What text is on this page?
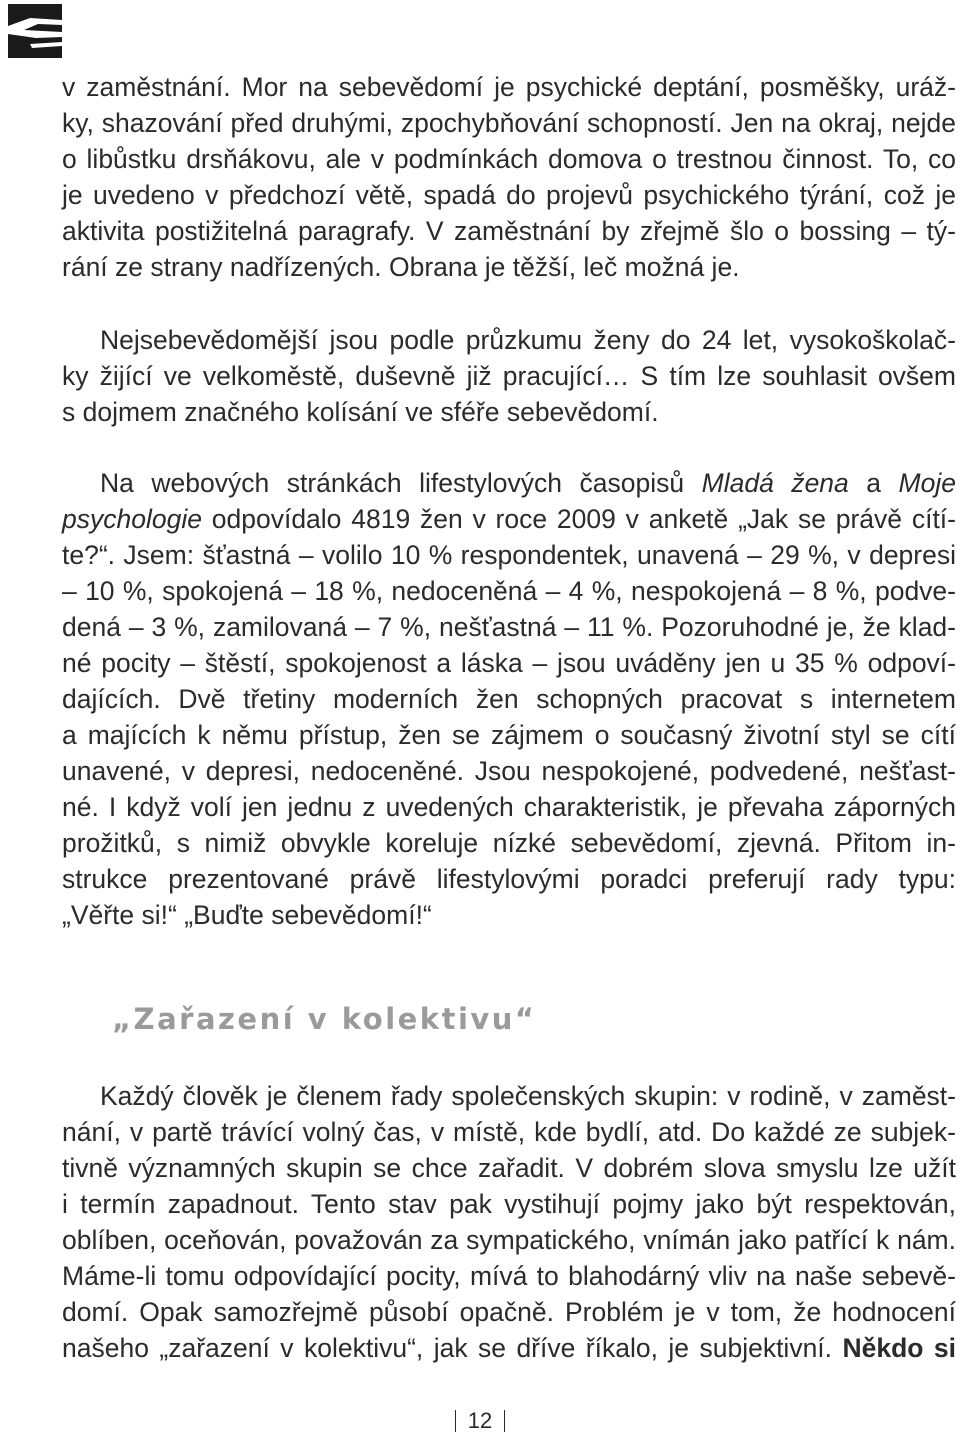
v zaměstnání. Mor na sebevědomí je psychické deptání, posměšky, uráž-
ky, shazování před druhými, zpochybňování schopností. Jen na okraj, nejde
o libůstku drsňákovu, ale v podmínkách domova o trestnou činnost. To, co
je uvedeno v předchozí větě, spadá do projevů psychického týrání, což je
aktivita postižitelná paragrafy. V zaměstnání by zřejmě šlo o bossing – tý-
rání ze strany nadřízených. Obrana je těžší, leč možná je.
Nejsebevědomější jsou podle průzkumu ženy do 24 let, vysokoškolač-
ky žijící ve velkoměstě, duševně již pracující… S tím lze souhlasit ovšem
s dojmem značného kolísání ve sféře sebevědomí.
Na webových stránkách lifestylových časopisů Mladá žena a Moje
psychologie odpovídalo 4819 žen v roce 2009 v anketě „Jak se právě cítí-
te?“. Jsem: šťastná – volilo 10 % respondentek, unavená – 29 %, v depresi
– 10 %, spokojená – 18 %, nedoceněná – 4 %, nespokojená – 8 %, podve-
dená – 3 %, zamilovaná – 7 %, nešťastná – 11 %. Pozoruhodné je, že klad-
né pocity – štěstí, spokojenost a láska – jsou uváděny jen u 35 % odpoví-
dajících. Dvě třetiny moderních žen schopných pracovat s internetem
a majících k němu přístup, žen se zájmem o současný životní styl se cítí
unavené, v depresi, nedoceněné. Jsou nespokojené, podvedené, nešťast-
né. I když volí jen jednu z uvedených charakteristik, je převaha záporných
prožitků, s nimiž obvykle koreluje nízké sebevědomí, zjevná. Přitom in-
strukce prezentované právě lifestylovými poradci preferují rady typu:
„Věřte si!“ „Buďte sebevědomí!“
„Zařazení v kolektivu“
Každý člověk je členem řady společenských skupin: v rodině, v zaměst-
nání, v partě trávící volný čas, v místě, kde bydlí, atd. Do každé ze subjek-
tivně významných skupin se chce zařadit. V dobrém slova smyslu lze užít
i termín zapadnout. Tento stav pak vystihují pojmy jako být respektován,
oblíben, oceňován, považován za sympatického, vnímán jako patřící k nám.
Máme-li tomu odpovídající pocity, mívá to blahodárný vliv na naše sebevě-
domí. Opak samozřejmě působí opačně. Problém je v tom, že hodnocení
našeho „zařazení v kolektivu“, jak se dříve říkalo, je subjektivní. Někdo si
12
